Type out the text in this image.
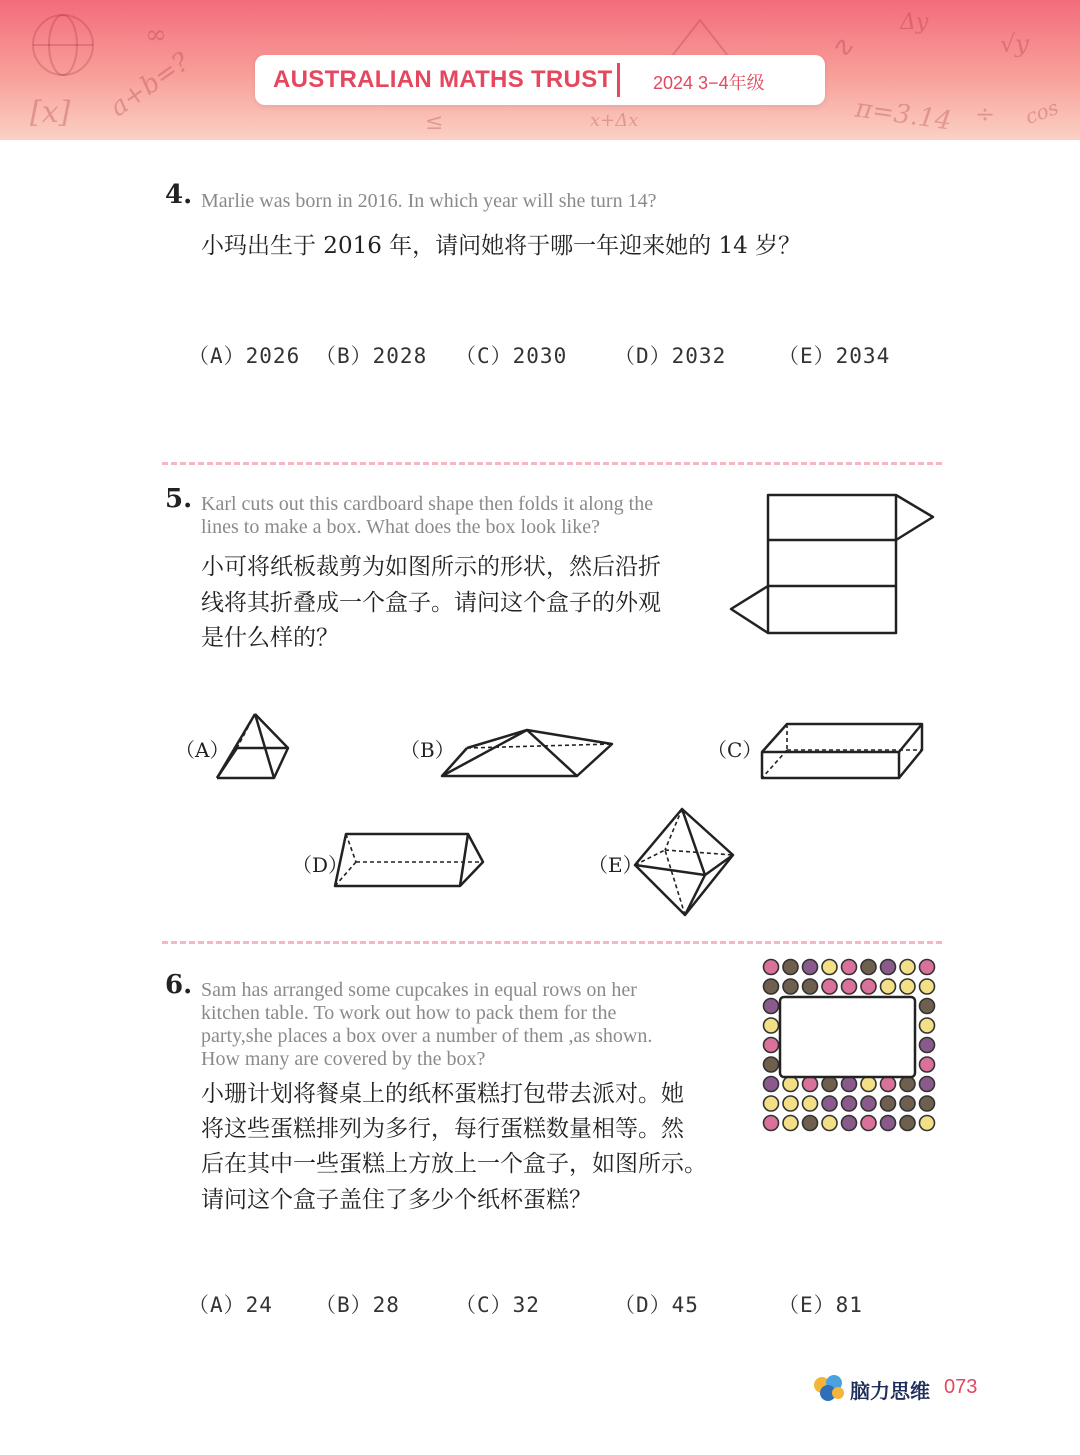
[x] a+b=?
∞
x+Δx	π=3.14 ÷ cos
√y
Δy
∿
≤
AUSTRALIAN MATHS TRUST 2024 3−4年级
4. Marlie was born in 2016. In which year will she turn 14?
小玛出生于 2016 年，请问她将于哪一年迎来她的 14 岁？
（A）2026 （B）2028 （C）2030 （D）2032 （E）2034
5. Karl cuts out this cardboard shape then folds it along the
lines to make a box. What does the box look like?
小可将纸板裁剪为如图所示的形状，然后沿折
线将其折叠成一个盒子。请问这个盒子的外观
是什么样的？
（A）	（B）	（C）
（D）	（E）
6. Sam has arranged some cupcakes in equal rows on her
kitchen table. To work out how to pack them for the
party,she places a box over a number of them ,as shown.
How many are covered by the box?
小珊计划将餐桌上的纸杯蛋糕打包带去派对。她
将这些蛋糕排列为多行，每行蛋糕数量相等。然
后在其中一些蛋糕上方放上一个盒子，如图所示。
请问这个盒子盖住了多少个纸杯蛋糕？
（A）24 （B）28	（C）32	（D）45	（E）81
脑力思维 073
